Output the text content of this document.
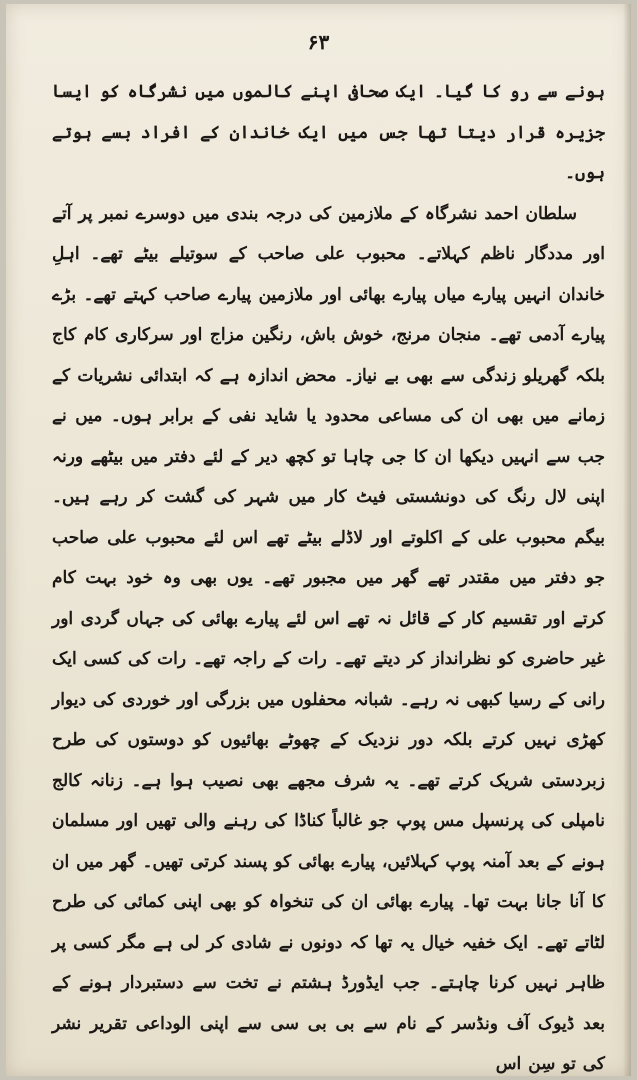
۶۳

ہونے سے رو کا گیا۔ ایک صحافی اپنے کالموں میں نشرگاہ کو ایسا جزیرہ قرار دیتا تھا جس میں ایک خاندان کے افراد بسے ہوتے ہوں۔

سلطان احمد نشرگاہ کے ملازمین کی درجہ بندی میں دوسرے نمبر پر آتے اور مددگار ناظم کہلاتے۔ محبوب علی صاحب کے سوتیلے بیٹے تھے۔ اہلِ خاندان انہیں پیارے میاں پیارے بھائی اور ملازمین پیارے صاحب کہتے تھے۔ بڑے پیارے آدمی تھے۔ منجان مرنج، خوش باش، رنگین مزاج اور سرکاری کام کاج بلکہ گھریلو زندگی سے بھی بے نیاز۔ محض اندازہ ہے کہ ابتدائی نشریات کے زمانے میں بھی ان کی مساعی محدود یا شاید نفی کے برابر ہوں۔ میں نے جب سے انہیں دیکھا ان کا جی چاہا تو کچھ دیر کے لئے دفتر میں بیٹھے ورنہ اپنی لال رنگ کی دونشستی فیٹ کار میں شہر کی گشت کر رہے ہیں۔ بیگم محبوب علی کے اکلوتے اور لاڈلے بیٹے تھے اس لئے محبوب علی صاحب جو دفتر میں مقتدر تھے گھر میں مجبور تھے۔ یوں بھی وہ خود بہت کام کرتے اور تقسیم کار کے قائل نہ تھے اس لئے پیارے بھائی کی جہاں گردی اور غیر حاضری کو نظرانداز کر دیتے تھے۔ رات کے راجہ تھے۔ رات کی کسی ایک رانی کے رسیا کبھی نہ رہے۔ شبانہ محفلوں میں بزرگی اور خوردی کی دیوار کھڑی نہیں کرتے بلکہ دور نزدیک کے چھوٹے بھائیوں کو دوستوں کی طرح زبردستی شریک کرتے تھے۔ یہ شرف مجھے بھی نصیب ہوا ہے۔ زنانہ کالج نامپلی کی پرنسپل مس پوپ جو غالباً کناڈا کی رہنے والی تھیں اور مسلمان ہونے کے بعد آمنہ پوپ کہلائیں، پیارے بھائی کو پسند کرتی تھیں۔ گھر میں ان کا آنا جانا بہت تھا۔ پیارے بھائی ان کی تنخواہ کو بھی اپنی کمائی کی طرح لٹاتے تھے۔ ایک خفیہ خیال یہ تھا کہ دونوں نے شادی کر لی ہے مگر کسی پر ظاہر نہیں کرنا چاہتے۔ جب ایڈورڈ ہشتم نے تخت سے دستبردار ہونے کے بعد ڈیوک آف ونڈسر کے نام سے بی بی سی سے اپنی الوداعی تقریر نشر کی تو سِن اس
